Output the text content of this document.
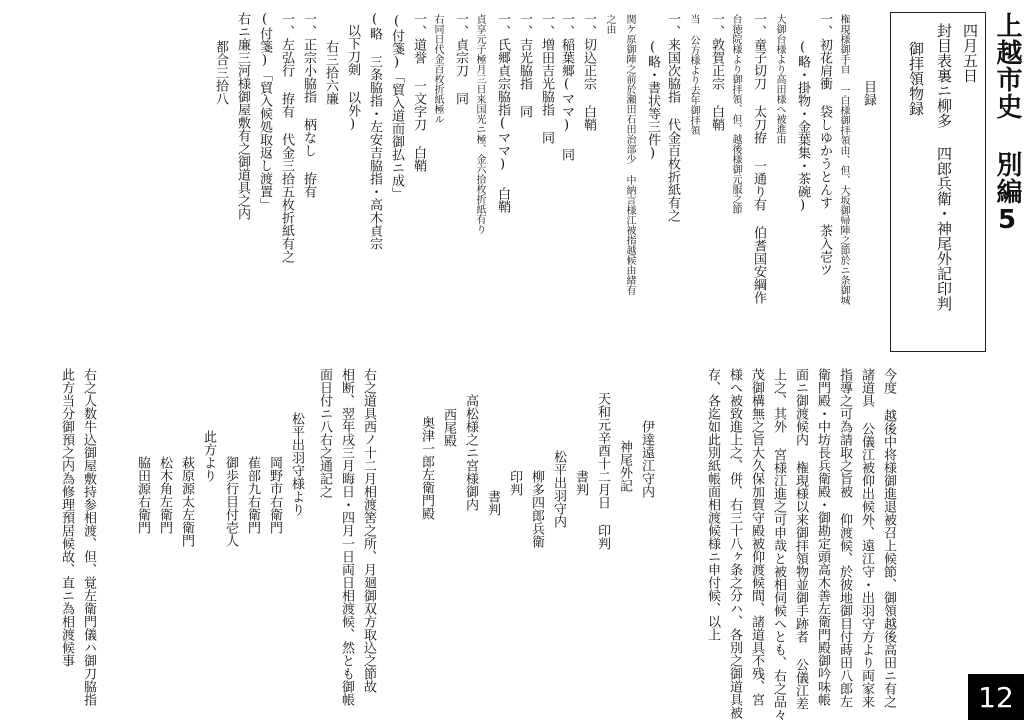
上越市史 別編5
四月五日
封目表裏ニ柳多 四郎兵衛・神尾外記印判
御拝領物録
目録
権現様御手自 一白様御拝領由、但、大坂御帰陣之節於ニ条御城
一、初花肩衝 袋しゆかうとんす 茶入壱ツ
(略・掛物・金葉集・茶碗)
大御台様より高田様へ被進由
一、童子切刀 太刀拵 一通り有 伯耆国安綱作
台徳院様より御拝領、但、越後様御元服之節
一、敦賀正宗 白鞘
当 公方様より去年御拝領
一、来国次脇指 代金百枚折紙有之
(略・書状等三件)
関ケ原御陣之前於瀬田石田治部少 中納言様江被指越候由緒有
之由
一、切込正宗 白鞘
一、稲葉郷(ママ) 同
一、増田吉光脇指 同
一、吉光脇指 同
一、氏郷貞宗脇指(ママ) 白鞘
貞享元子極月三日来国光ニ極、金六拾枚折紙有り
一、貞宗刀 同
右同日代金百枚折紙極ル
一、道誉 一文字刀 白鞘
(付箋)「貿入道而御払ニ成」
(略 三条脇指・左安吉脇指・高木貞宗
以下刀剣 以外)
右三拾六廉
一、正宗小脇指 柄なし 拵有
一、左弘行 拵有 代金三拾五枚折紙有之
(付箋)「貿入候処取返し渡置」
右ニ廉三河様御屋敷有之御道具之内
都合三拾八
今度 越後中将様御進退被召上候節、御領越後高田ニ有之
諸道具 公儀江被仰出候外、遠江守・出羽守方より両家来
指導之可為請取之旨被 仰渡候、於彼地御目付蒔田八郎左
衛門殿・中坊長兵衛殿・御勘定頭高木善左衛門殿御吟味帳
面ニ御渡候内 権現様以来御拝領物並御手跡者 公儀江差
上之、其外 宮様江進之可申哉と被相伺候へとも、右之品々
茂御構無之旨大久保加賀守殿被仰渡候間、諸道具不残、宮
様へ被致進上之、併、右三十八ヶ条之分ハ、各別之御道具被
存、各迄如此別紙帳面相渡候様ニ申付候、以上
伊達遠江守内
神尾外記
天和元辛酉十二月日 印判
書判
松平出羽守内
柳多四郎兵衛
印判
書判
高松様之ニ宮様御内
西尾殿
奥津一郎左衛門殿
右之道具西ノ十二月相渡筈之所、月廻御双方取込之節故
相断、翌年戌三月晦日・四月一日両日相渡候、然とも御帳
面日付ニ八右之通記之
松平出羽守様より
岡野市右衛門
萑部九右衛門
御歩行目付壱人
此方より
萩原源太左衛門
松木角左衛門
脇田源右衛門
右之人数牛込御屋敷持参相渡、但、覚左衛門儀ハ御刀脇指
此方当分御預之内為修理預居候故、直ニ為相渡候事
12
